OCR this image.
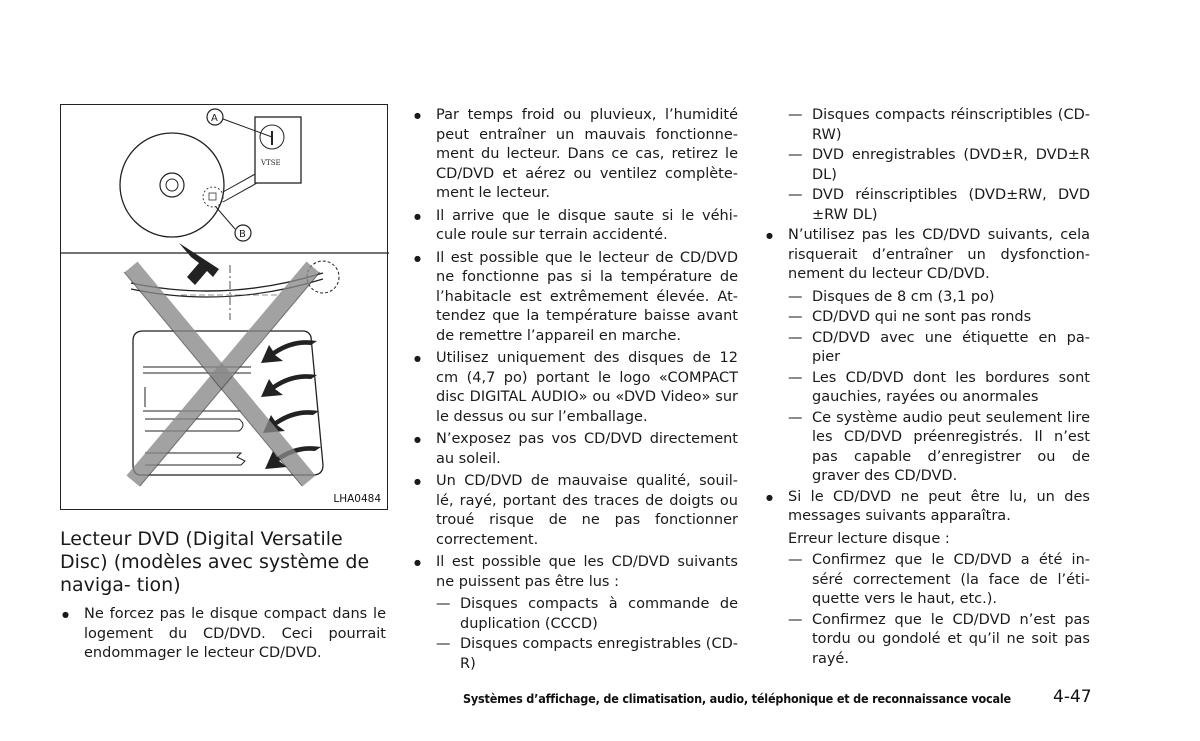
VTSE
A
B
LHA0484
Lecteur DVD (Digital Versatile Disc) (modèles avec système de naviga- tion)
● Ne forcez pas le disque compact dans le logement du CD/DVD. Ceci pourrait endommager le lecteur CD/DVD.
● Par temps froid ou pluvieux, l’humidité peut entraîner un mauvais fonctionne- ment du lecteur. Dans ce cas, retirez le CD/DVD et aérez ou ventilez complète- ment le lecteur.
● Il arrive que le disque saute si le véhi- cule roule sur terrain accidenté.
● Il est possible que le lecteur de CD/DVD ne fonctionne pas si la température de l’habitacle est extrêmement élevée. At- tendez que la température baisse avant de remettre l’appareil en marche.
● Utilisez uniquement des disques de 12 cm (4,7 po) portant le logo «COMPACT disc DIGITAL AUDIO» ou «DVD Video» sur le dessus ou sur l’emballage.
● N’exposez pas vos CD/DVD directement au soleil.
● Un CD/DVD de mauvaise qualité, souil- lé, rayé, portant des traces de doigts ou troué risque de ne pas fonctionner correctement.
● Il est possible que les CD/DVD suivants ne puissent pas être lus :
— Disques compacts à commande de duplication (CCCD)
— Disques compacts enregistrables (CD-R)
— Disques compacts réinscriptibles (CD-RW)
— DVD enregistrables (DVD±R, DVD±R DL)
— DVD réinscriptibles (DVD±RW, DVD ±RW DL)
● N’utilisez pas les CD/DVD suivants, cela risquerait d’entraîner un dysfonction- nement du lecteur CD/DVD.
— Disques de 8 cm (3,1 po)
— CD/DVD qui ne sont pas ronds
— CD/DVD avec une étiquette en pa- pier
— Les CD/DVD dont les bordures sont gauchies, rayées ou anormales
— Ce système audio peut seulement lire les CD/DVD préenregistrés. Il n’est pas capable d’enregistrer ou de graver des CD/DVD.
● Si le CD/DVD ne peut être lu, un des messages suivants apparaîtra.
Erreur lecture disque :
— Confirmez que le CD/DVD a été in- séré correctement (la face de l’éti- quette vers le haut, etc.).
— Confirmez que le CD/DVD n’est pas tordu ou gondolé et qu’il ne soit pas rayé.
Systèmes d’affichage, de climatisation, audio, téléphonique et de reconnaissance vocale 4-47
